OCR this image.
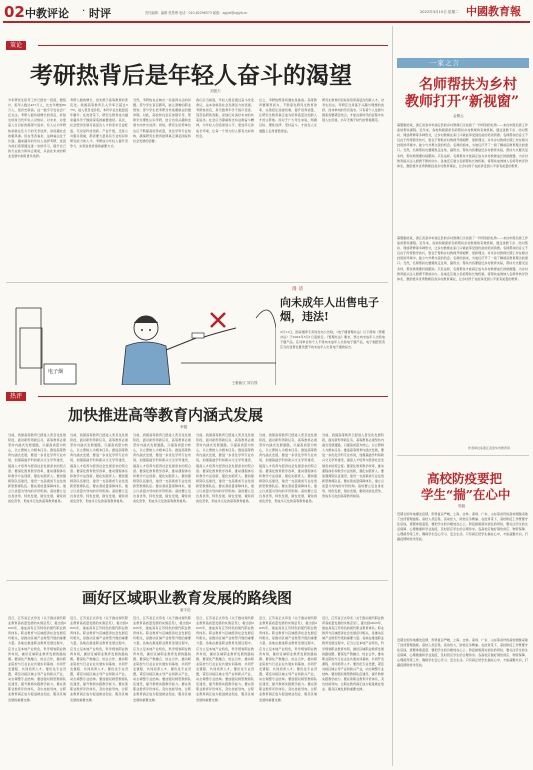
02 中教评论 · 时评	责任编辑：编辑 张思博 电话：010-82296573 邮箱：zgjyb@zgjyb.cn	2022年3月15日 星期二 中國教育報
策论
考研热背后是年轻人奋斗的渴望
刘振天
今年研究生报考工作已经告一段落，据统计，报考人数达457万人，比去年增加80万人，创历史新高。这一数字引发社会广泛关注。考研人数持续增长的背后，折射出的是当代年轻人对知识、对未来、对更高人生目标的渴望与追求。有人认为考研热是就业压力下的无奈选择，是逃避社会的避风港。但在笔者看来，这种看法过于片面。越来越多的年轻人选择考研，是因为他们希望通过进一步的学习，提升自己的专业能力和综合素质，从而在未来的职业发展中拥有更多选择。
考研人数的增长，首先源于高等教育的普及化。我国高等教育毛入学率已超过57%，进入普及化阶段，本科毕业生数量逐年攀升。在此背景下，研究生教育成为越来越多学子继续深造的重要途径。其次，社会经济发展对高层次人才的需求日益旺盛。无论是科技创新、产业升级，还是公共服务领域，都需要大量具有专业知识和研究能力的人才。考研成为年轻人提升竞争力、实现自我价值的重要方式。
当然，考研热也反映出一些值得关注的问题。部分学生盲目跟风，缺乏清晰的职业规划；部分学生把考研当作逃避就业的缓冲期。对此，高校和社会应加强引导，帮助学生理性认识考研，结合自身兴趣和发展方向作出选择。同时，研究生培养单位也应不断提高培养质量，优化学科专业结构，确保研究生教育能够真正满足国家和社会发展的需要。
我们应当看到，年轻人愿意通过奋斗改变命运，这本身就是社会充满活力的表现。考研热背后，是无数青年学子挑灯夜读、刻苦钻研的身影，是他们对美好未来的执着追求。社会应当尊重和支持这种奋斗精神，为年轻人创造更加公平、更加多元的成长环境，让每一个努力的人都有出彩的机会。
总之，考研热既是机遇也是挑战。高等教育要顺势而为，不断深化研究生教育改革，完善招生选拔机制，提升培养质量，让研究生教育真正成为培养高层次创新人才的主阵地。而对于广大考生来说，明确目标、理性选择、坚持奋斗，才能在人生道路上走得更稳更远。
研究生教育的目标是培养高层次创新人才。对考生而言，考研应当是基于兴趣与理想的选择，而非单纯的学历追求。只有将个人发展与国家需要紧密结合，才能在新时代的征程中实现人生价值，书写无愧于时代的青春篇章。
漫话
电子烟
向未成年人出售电子烟，违法!
王雅楠/文 刘宇/图
3月11日，国家烟草专卖局发布公告称，《电子烟管理办法》以下简称《管理办法》于2022年5月1日起施行。《管理办法》要求，禁止向未成年人出售电子烟产品。任何单位和个人不得向未成年人出售电子烟产品，电子烟经营者应当在显著位置设置不向未成年人出售电子烟的标志。
热评
加快推进高等教育内涵式发展
李健
当前，我国高等教育已经进入普及化发展阶段，面对新形势新任务，高等教育必须坚持内涵式发展道路，以提高质量为核心，以立德树人为根本任务。推进高等教育内涵式发展，要进一步优化学科专业布局，加强基础学科和新兴交叉学科建设，提高人才培养与经济社会发展需求的契合度。要深化教育教学改革，推动课程体系和教学方法创新，强化实践育人。要加强师资队伍建设，建设一支高素质专业化创新型教师队伍。要完善质量保障体系，建立以质量为导向的评价机制。高校要立足自身优势，特色发展，错位发展，避免同质化竞争，形成多元化的高等教育格局。
当前，我国高等教育已经进入普及化发展阶段，面对新形势新任务，高等教育必须坚持内涵式发展道路，以提高质量为核心，以立德树人为根本任务。推进高等教育内涵式发展，要进一步优化学科专业布局，加强基础学科和新兴交叉学科建设，提高人才培养与经济社会发展需求的契合度。要深化教育教学改革，推动课程体系和教学方法创新，强化实践育人。要加强师资队伍建设，建设一支高素质专业化创新型教师队伍。要完善质量保障体系，建立以质量为导向的评价机制。高校要立足自身优势，特色发展，错位发展，避免同质化竞争，形成多元化的高等教育格局。
当前，我国高等教育已经进入普及化发展阶段，面对新形势新任务，高等教育必须坚持内涵式发展道路，以提高质量为核心，以立德树人为根本任务。推进高等教育内涵式发展，要进一步优化学科专业布局，加强基础学科和新兴交叉学科建设，提高人才培养与经济社会发展需求的契合度。要深化教育教学改革，推动课程体系和教学方法创新，强化实践育人。要加强师资队伍建设，建设一支高素质专业化创新型教师队伍。要完善质量保障体系，建立以质量为导向的评价机制。高校要立足自身优势，特色发展，错位发展，避免同质化竞争，形成多元化的高等教育格局。
当前，我国高等教育已经进入普及化发展阶段，面对新形势新任务，高等教育必须坚持内涵式发展道路，以提高质量为核心，以立德树人为根本任务。推进高等教育内涵式发展，要进一步优化学科专业布局，加强基础学科和新兴交叉学科建设，提高人才培养与经济社会发展需求的契合度。要深化教育教学改革，推动课程体系和教学方法创新，强化实践育人。要加强师资队伍建设，建设一支高素质专业化创新型教师队伍。要完善质量保障体系，建立以质量为导向的评价机制。高校要立足自身优势，特色发展，错位发展，避免同质化竞争，形成多元化的高等教育格局。
当前，我国高等教育已经进入普及化发展阶段，面对新形势新任务，高等教育必须坚持内涵式发展道路，以提高质量为核心，以立德树人为根本任务。推进高等教育内涵式发展，要进一步优化学科专业布局，加强基础学科和新兴交叉学科建设，提高人才培养与经济社会发展需求的契合度。要深化教育教学改革，推动课程体系和教学方法创新，强化实践育人。要加强师资队伍建设，建设一支高素质专业化创新型教师队伍。要完善质量保障体系，建立以质量为导向的评价机制。高校要立足自身优势，特色发展，错位发展，避免同质化竞争，形成多元化的高等教育格局。
当前，我国高等教育已经进入普及化发展阶段，面对新形势新任务，高等教育必须坚持内涵式发展道路，以提高质量为核心，以立德树人为根本任务。推进高等教育内涵式发展，要进一步优化学科专业布局，加强基础学科和新兴交叉学科建设，提高人才培养与经济社会发展需求的契合度。要深化教育教学改革，推动课程体系和教学方法创新，强化实践育人。要加强师资队伍建设，建设一支高素质专业化创新型教师队伍。要完善质量保障体系，建立以质量为导向的评价机制。高校要立足自身优势，特色发展，错位发展，避免同质化竞争，形成多元化的高等教育格局。
画好区域职业教育发展的路线图
唐宇伦
近日，江苏省正式印发《关于推动现代职业教育高质量发展的实施意见》，提出到2025年，建成具有江苏特色的现代职业教育体系。职业教育与区域经济社会发展密切相关，是推动区域产业转型升级的重要力量。各地在推进职业教育发展过程中，应当立足本地产业特色，科学规划职业教育布局，画好区域职业教育发展的路线图。要深化产教融合、校企合作，推动职业院校与行业企业共建实训基地、共同开发课程、共同培养人才。要优化专业设置，紧密对接区域主导产业和新兴产业，动态调整专业结构。要加强双师型教师队伍建设，提升教师实践教学能力。要完善职业教育评价体系，突出技能导向，让职业教育真正成为促进就业创业、服务区域发展的重要支撑。
近日，江苏省正式印发《关于推动现代职业教育高质量发展的实施意见》，提出到2025年，建成具有江苏特色的现代职业教育体系。职业教育与区域经济社会发展密切相关，是推动区域产业转型升级的重要力量。各地在推进职业教育发展过程中，应当立足本地产业特色，科学规划职业教育布局，画好区域职业教育发展的路线图。要深化产教融合、校企合作，推动职业院校与行业企业共建实训基地、共同开发课程、共同培养人才。要优化专业设置，紧密对接区域主导产业和新兴产业，动态调整专业结构。要加强双师型教师队伍建设，提升教师实践教学能力。要完善职业教育评价体系，突出技能导向，让职业教育真正成为促进就业创业、服务区域发展的重要支撑。
近日，江苏省正式印发《关于推动现代职业教育高质量发展的实施意见》，提出到2025年，建成具有江苏特色的现代职业教育体系。职业教育与区域经济社会发展密切相关，是推动区域产业转型升级的重要力量。各地在推进职业教育发展过程中，应当立足本地产业特色，科学规划职业教育布局，画好区域职业教育发展的路线图。要深化产教融合、校企合作，推动职业院校与行业企业共建实训基地、共同开发课程、共同培养人才。要优化专业设置，紧密对接区域主导产业和新兴产业，动态调整专业结构。要加强双师型教师队伍建设，提升教师实践教学能力。要完善职业教育评价体系，突出技能导向，让职业教育真正成为促进就业创业、服务区域发展的重要支撑。
近日，江苏省正式印发《关于推动现代职业教育高质量发展的实施意见》，提出到2025年，建成具有江苏特色的现代职业教育体系。职业教育与区域经济社会发展密切相关，是推动区域产业转型升级的重要力量。各地在推进职业教育发展过程中，应当立足本地产业特色，科学规划职业教育布局，画好区域职业教育发展的路线图。要深化产教融合、校企合作，推动职业院校与行业企业共建实训基地、共同开发课程、共同培养人才。要优化专业设置，紧密对接区域主导产业和新兴产业，动态调整专业结构。要加强双师型教师队伍建设，提升教师实践教学能力。要完善职业教育评价体系，突出技能导向，让职业教育真正成为促进就业创业、服务区域发展的重要支撑。
近日，江苏省正式印发《关于推动现代职业教育高质量发展的实施意见》，提出到2025年，建成具有江苏特色的现代职业教育体系。职业教育与区域经济社会发展密切相关，是推动区域产业转型升级的重要力量。各地在推进职业教育发展过程中，应当立足本地产业特色，科学规划职业教育布局，画好区域职业教育发展的路线图。要深化产教融合、校企合作，推动职业院校与行业企业共建实训基地、共同开发课程、共同培养人才。要优化专业设置，紧密对接区域主导产业和新兴产业，动态调整专业结构。要加强双师型教师队伍建设，提升教师实践教学能力。要完善职业教育评价体系，突出技能导向，让职业教育真正成为促进就业创业、服务区域发展的重要支撑。
近日，江苏省正式印发《关于推动现代职业教育高质量发展的实施意见》，提出到2025年，建成具有江苏特色的现代职业教育体系。职业教育与区域经济社会发展密切相关，是推动区域产业转型升级的重要力量。各地在推进职业教育发展过程中，应当立足本地产业特色，科学规划职业教育布局，画好区域职业教育发展的路线图。要深化产教融合、校企合作，推动职业院校与行业企业共建实训基地、共同开发课程、共同培养人才。要优化专业设置，紧密对接区域主导产业和新兴产业，动态调整专业结构。要加强双师型教师队伍建设，提升教师实践教学能力。要完善职业教育评价体系，突出技能导向，让职业教育真正成为促进就业创业、服务区域发展的重要支撑。
一家之言
名师帮扶为乡村
教师打开“新视窗”
金佩云
暑假刚结束，浙江省金华市浦江县的乡村教师们又收到了一份特别的礼物——来自市级名师工作室的帮扶课程。近年来，各地积极探索名师帮扶乡村教师的有效机制，通过送教下乡、结对帮扶、网络研修等多种形式，让乡村教师在家门口就能享受到优质的培训资源。名师帮扶的意义不仅在于传授教学技巧，更在于帮助乡村教师开阔视野、更新理念。许多乡村教师长期工作在相对封闭的环境中，缺少与外界交流的机会。名师的到来，为他们打开了一扇了解前沿教育理念的窗口。当然，名师帮扶也要避免走过场、搞形式。帮扶内容要贴近乡村教育实际，帮扶方式要灵活多样，帮扶效果要持续跟踪。只有这样，名师帮扶才能真正成为乡村教师成长的助推器，为乡村教育振兴注入源源不断的动力。各地还应建立名师帮扶长效机制，将帮扶成效纳入名师考核评价体系，激励更多优秀教师投身乡村教育事业，让乡村孩子也能享受到公平而有质量的教育。
暑假刚结束，浙江省金华市浦江县的乡村教师们又收到了一份特别的礼物——来自市级名师工作室的帮扶课程。近年来，各地积极探索名师帮扶乡村教师的有效机制，通过送教下乡、结对帮扶、网络研修等多种形式，让乡村教师在家门口就能享受到优质的培训资源。名师帮扶的意义不仅在于传授教学技巧，更在于帮助乡村教师开阔视野、更新理念。许多乡村教师长期工作在相对封闭的环境中，缺少与外界交流的机会。名师的到来，为他们打开了一扇了解前沿教育理念的窗口。当然，名师帮扶也要避免走过场、搞形式。帮扶内容要贴近乡村教育实际，帮扶方式要灵活多样，帮扶效果要持续跟踪。只有这样，名师帮扶才能真正成为乡村教师成长的助推器，为乡村教育振兴注入源源不断的动力。各地还应建立名师帮扶长效机制，将帮扶成效纳入名师考核评价体系，激励更多优秀教师投身乡村教育事业，让乡村孩子也能享受到公平而有质量的教育。
作者单位系浙江省金华市教育局
高校防疫要把
学生“揣”在心中
郭毅
近期全国多地爆发疫情，形势复杂严峻，上海、吉林、深圳、广东、山东等省份的高校相继采取了封闭管理措施。高校人员密集、流动性大，防控任务繁重。在此背景下，高校防疫工作既要守住底线，更要体现温度，要把学生的冷暖放在心上。防疫措施落实到位的同时，要关注学生的生活保障、心理健康和学业进度，及时回应学生的合理诉求。各高校应做好餐饮供应、物资保障、心理疏导等工作，确保学生安心学习、安全生活。只有真正把学生揣在心中，才能凝聚共识，打赢疫情防控攻坚战。
近期全国多地爆发疫情，形势复杂严峻，上海、吉林、深圳、广东、山东等省份的高校相继采取了封闭管理措施。高校人员密集、流动性大，防控任务繁重。在此背景下，高校防疫工作既要守住底线，更要体现温度，要把学生的冷暖放在心上。防疫措施落实到位的同时，要关注学生的生活保障、心理健康和学业进度，及时回应学生的合理诉求。各高校应做好餐饮供应、物资保障、心理疏导等工作，确保学生安心学习、安全生活。只有真正把学生揣在心中，才能凝聚共识，打赢疫情防控攻坚战。
